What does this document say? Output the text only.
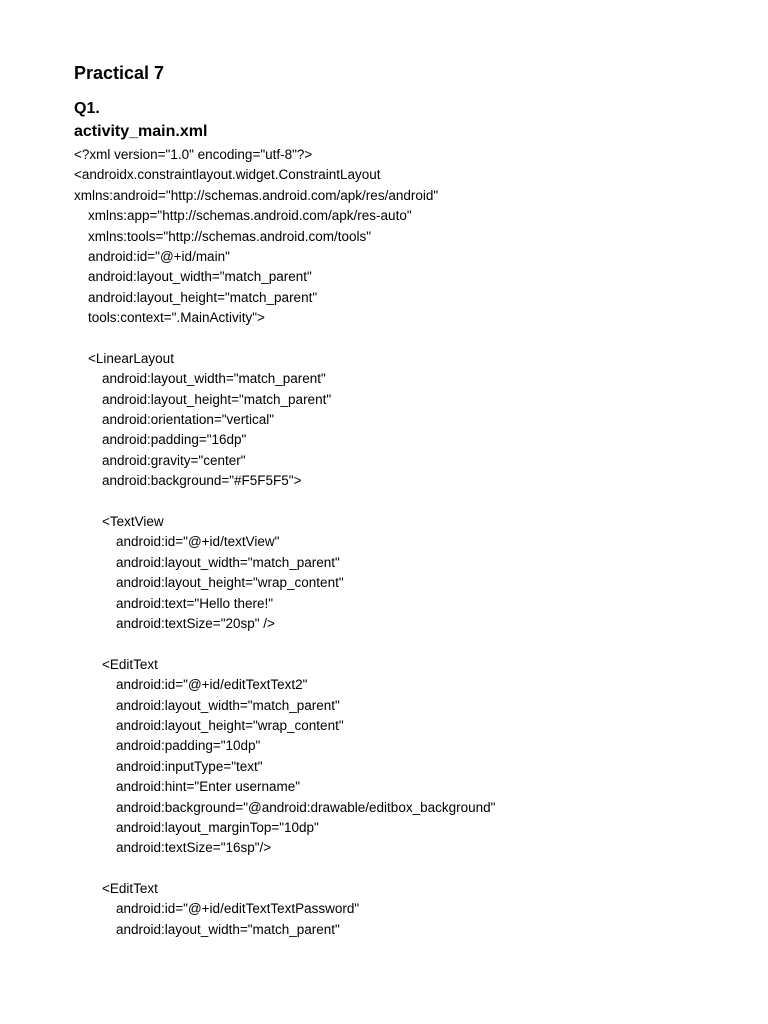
Practical 7
Q1.
activity_main.xml
<?xml version="1.0" encoding="utf-8"?>
<androidx.constraintlayout.widget.ConstraintLayout
xmlns:android="http://schemas.android.com/apk/res/android"
xmlns:app="http://schemas.android.com/apk/res-auto"
xmlns:tools="http://schemas.android.com/tools"
android:id="@+id/main"
android:layout_width="match_parent"
android:layout_height="match_parent"
tools:context=".MainActivity">
<LinearLayout
android:layout_width="match_parent"
android:layout_height="match_parent"
android:orientation="vertical"
android:padding="16dp"
android:gravity="center"
android:background="#F5F5F5">
<TextView
android:id="@+id/textView"
android:layout_width="match_parent"
android:layout_height="wrap_content"
android:text="Hello there!"
android:textSize="20sp" />
<EditText
android:id="@+id/editTextText2"
android:layout_width="match_parent"
android:layout_height="wrap_content"
android:padding="10dp"
android:inputType="text"
android:hint="Enter username"
android:background="@android:drawable/editbox_background"
android:layout_marginTop="10dp"
android:textSize="16sp"/>
<EditText
android:id="@+id/editTextTextPassword"
android:layout_width="match_parent"
